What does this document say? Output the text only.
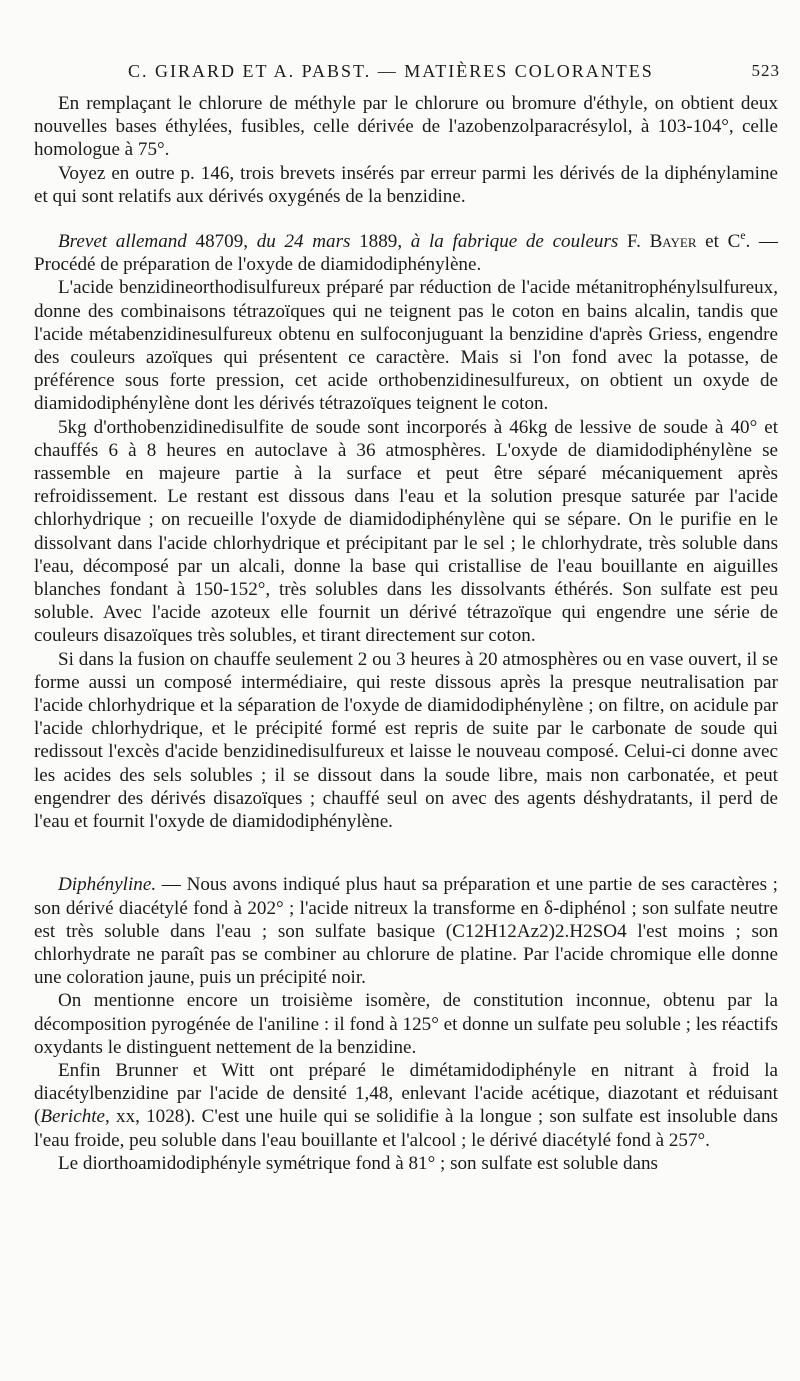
C. GIRARD ET A. PABST. — MATIÈRES COLORANTES	523

En remplaçant le chlorure de méthyle par le chlorure ou bromure d'éthyle, on obtient deux nouvelles bases éthylées, fusibles, celle dérivée de l'azobenzolparacrésylol, à 103-104°, celle homologue à 75°.

Voyez en outre p. 146, trois brevets insérés par erreur parmi les dérivés de la diphénylamine et qui sont relatifs aux dérivés oxygénés de la benzidine.

Brevet allemand 48709, du 24 mars 1889, à la fabrique de couleurs F. Bayer et Ce. — Procédé de préparation de l'oxyde de diamidodiphénylène.

L'acide benzidineorthodisulfureux préparé par réduction de l'acide métanitrophénylsulfureux, donne des combinaisons tétrazoïques qui ne teignent pas le coton en bains alcalin, tandis que l'acide métabenzidinesulfureux obtenu en sulfoconjuguant la benzidine d'après Griess, engendre des couleurs azoïques qui présentent ce caractère. Mais si l'on fond avec la potasse, de préférence sous forte pression, cet acide orthobenzidinesulfureux, on obtient un oxyde de diamidodiphénylène dont les dérivés tétrazoïques teignent le coton.

5kg d'orthobenzidinedisulfite de soude sont incorporés à 46kg de lessive de soude à 40° et chauffés 6 à 8 heures en autoclave à 36 atmosphères. L'oxyde de diamidodiphénylène se rassemble en majeure partie à la surface et peut être séparé mécaniquement après refroidissement. Le restant est dissous dans l'eau et la solution presque saturée par l'acide chlorhydrique ; on recueille l'oxyde de diamidodiphénylène qui se sépare. On le purifie en le dissolvant dans l'acide chlorhydrique et précipitant par le sel ; le chlorhydrate, très soluble dans l'eau, décomposé par un alcali, donne la base qui cristallise de l'eau bouillante en aiguilles blanches fondant à 150-152°, très solubles dans les dissolvants éthérés. Son sulfate est peu soluble. Avec l'acide azoteux elle fournit un dérivé tétrazoïque qui engendre une série de couleurs disazoïques très solubles, et tirant directement sur coton.

Si dans la fusion on chauffe seulement 2 ou 3 heures à 20 atmosphères ou en vase ouvert, il se forme aussi un composé intermédiaire, qui reste dissous après la presque neutralisation par l'acide chlorhydrique et la séparation de l'oxyde de diamidodiphénylène ; on filtre, on acidule par l'acide chlorhydrique, et le précipité formé est repris de suite par le carbonate de soude qui redissout l'excès d'acide benzidinedisulfureux et laisse le nouveau composé. Celui-ci donne avec les acides des sels solubles ; il se dissout dans la soude libre, mais non carbonatée, et peut engendrer des dérivés disazoïques ; chauffé seul on avec des agents déshydratants, il perd de l'eau et fournit l'oxyde de diamidodiphénylène.

Diphényline. — Nous avons indiqué plus haut sa préparation et une partie de ses caractères ; son dérivé diacétylé fond à 202° ; l'acide nitreux la transforme en δ-diphénol ; son sulfate neutre est très soluble dans l'eau ; son sulfate basique (C12H12Az2)2.H2SO4 l'est moins ; son chlorhydrate ne paraît pas se combiner au chlorure de platine. Par l'acide chromique elle donne une coloration jaune, puis un précipité noir.

On mentionne encore un troisième isomère, de constitution inconnue, obtenu par la décomposition pyrogénée de l'aniline : il fond à 125° et donne un sulfate peu soluble ; les réactifs oxydants le distinguent nettement de la benzidine.

Enfin Brunner et Witt ont préparé le dimétamidodiphényle en nitrant à froid la diacétylbenzidine par l'acide de densité 1,48, enlevant l'acide acétique, diazotant et réduisant (Berichte, xx, 1028). C'est une huile qui se solidifie à la longue ; son sulfate est insoluble dans l'eau froide, peu soluble dans l'eau bouillante et l'alcool ; le dérivé diacétylé fond à 257°.

Le diorthoamidodiphényle symétrique fond à 81° ; son sulfate est soluble dans
